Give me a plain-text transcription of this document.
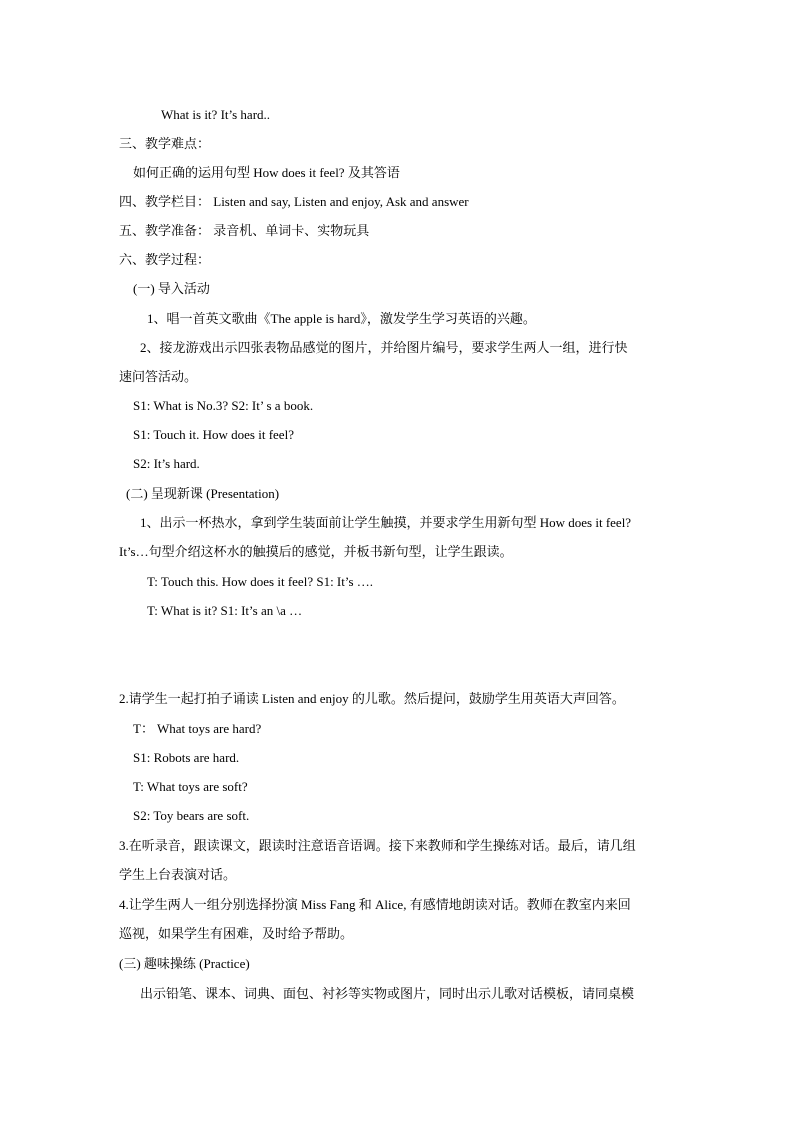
What is it? It’s hard..
三、教学难点：
如何正确的运用句型 How does it feel? 及其答语
四、教学栏目： Listen and say, Listen and enjoy, Ask and answer
五、教学准备： 录音机、单词卡、实物玩具
六、教学过程：
(一) 导入活动
1、唱一首英文歌曲《The apple is hard》，激发学生学习英语的兴趣。
2、接龙游戏出示四张表物品感觉的图片，并给图片编号，要求学生两人一组，进行快
速问答活动。
S1: What is No.3? S2: It’ s a book.
S1: Touch it. How does it feel?
S2: It’s hard.
(二) 呈现新课 (Presentation)
1、出示一杯热水，拿到学生装面前让学生触摸，并要求学生用新句型 How does it feel?
It’s…句型介绍这杯水的触摸后的感觉，并板书新句型，让学生跟读。
T: Touch this. How does it feel? S1: It’s ….
T: What is it? S1: It’s an \a …
2.请学生一起打拍子诵读 Listen and enjoy 的儿歌。然后提问，鼓励学生用英语大声回答。
T： What toys are hard?
S1: Robots are hard.
T: What toys are soft?
S2: Toy bears are soft.
3.在听录音，跟读课文，跟读时注意语音语调。接下来教师和学生操练对话。最后，请几组
学生上台表演对话。
4.让学生两人一组分别选择扮演 Miss Fang 和 Alice, 有感情地朗读对话。教师在教室内来回
巡视，如果学生有困难，及时给予帮助。
(三) 趣味操练 (Practice)
出示铅笔、课本、词典、面包、衬衫等实物或图片，同时出示儿歌对话模板，请同桌模
